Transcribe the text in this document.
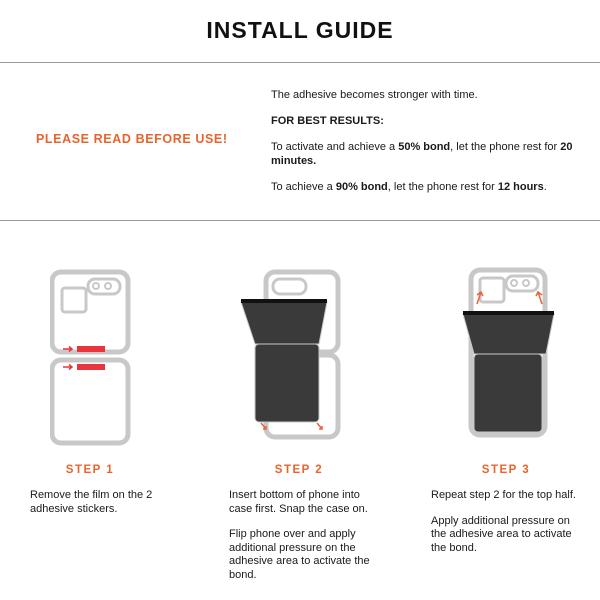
INSTALL GUIDE
PLEASE READ BEFORE USE!

The adhesive becomes stronger with time.

FOR BEST RESULTS:

To activate and achieve a 50% bond, let the phone rest for 20 minutes.

To achieve a 90% bond, let the phone rest for 12 hours.

STEP 1	STEP 2	STEP 3

Remove the film on the 2 adhesive stickers.

Insert bottom of phone into case first. Snap the case on.

Flip phone over and apply additional pressure on the adhesive area to activate the bond.

Repeat step 2 for the top half.

Apply additional pressure on the adhesive area to activate the bond.
